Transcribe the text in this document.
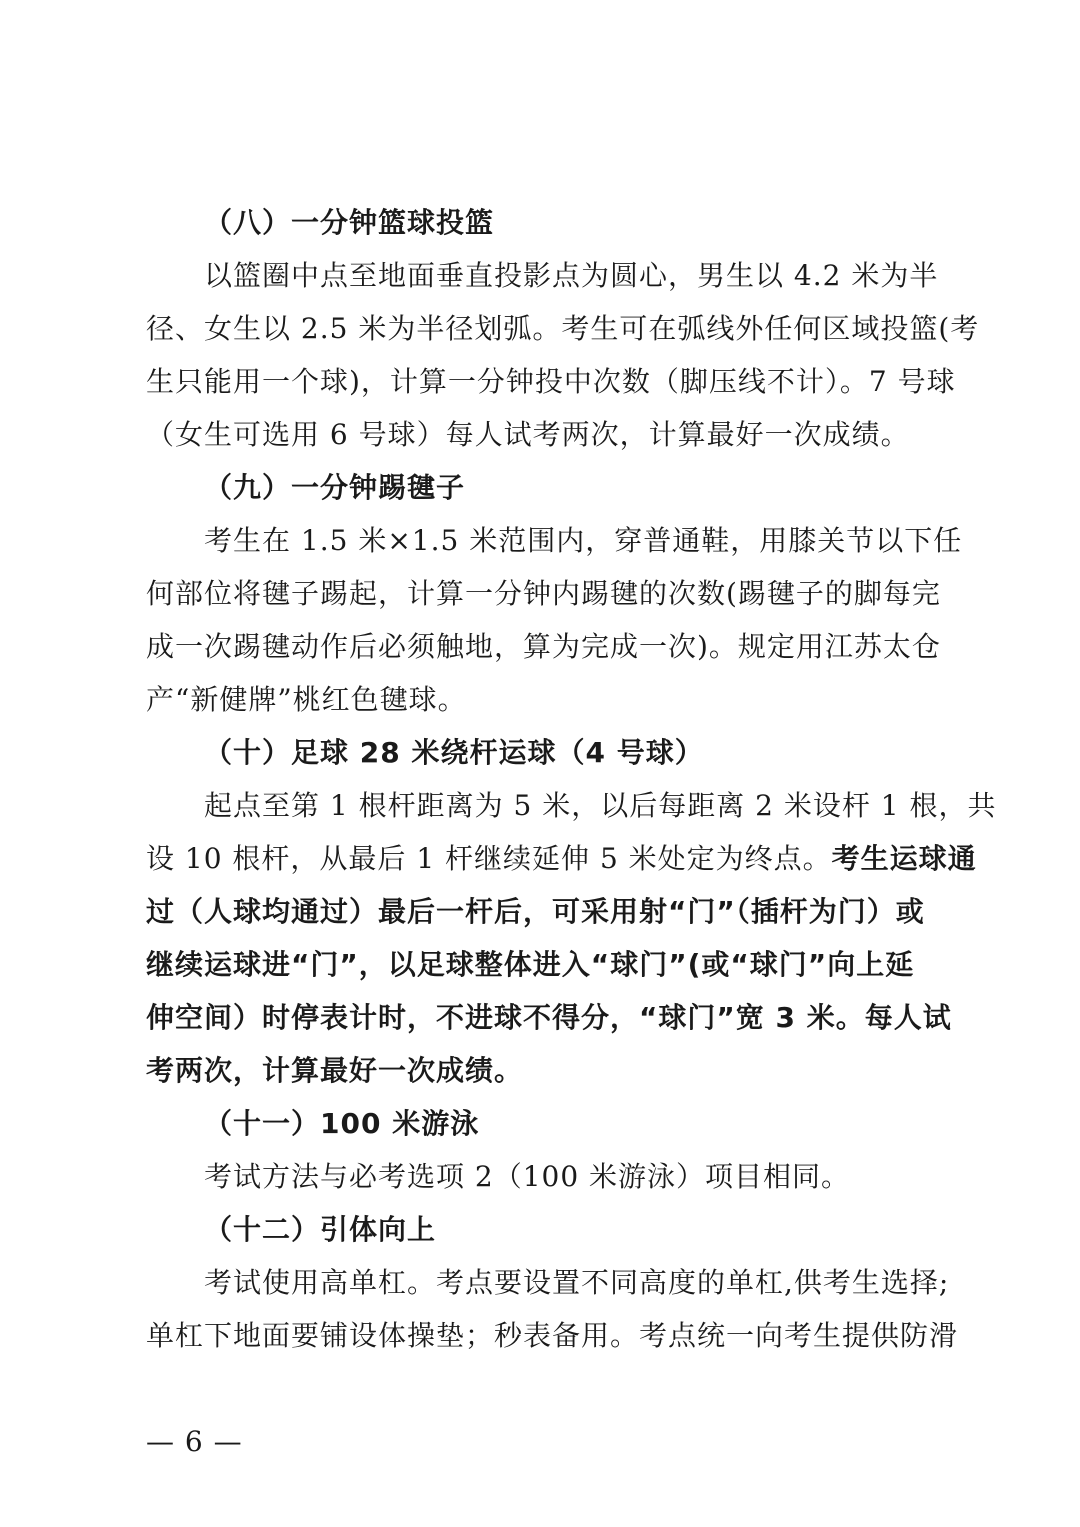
（八）一分钟篮球投篮

以篮圈中点至地面垂直投影点为圆心，男生以 4.2 米为半

径、女生以 2.5 米为半径划弧。考生可在弧线外任何区域投篮(考

生只能用一个球)，计算一分钟投中次数（脚压线不计）。7 号球

（女生可选用 6 号球）每人试考两次，计算最好一次成绩。

（九）一分钟踢毽子

考生在 1.5 米×1.5 米范围内，穿普通鞋，用膝关节以下任

何部位将毽子踢起，计算一分钟内踢毽的次数(踢毽子的脚每完

成一次踢毽动作后必须触地，算为完成一次)。规定用江苏太仓

产“新健牌”桃红色毽球。

（十）足球 28 米绕杆运球（4 号球）

起点至第 1 根杆距离为 5 米，以后每距离 2 米设杆 1 根，共

设 10 根杆，从最后 1 杆继续延伸 5 米处定为终点。考生运球通

过（人球均通过）最后一杆后，可采用射“门”（插杆为门）或

继续运球进“门”，以足球整体进入“球门”(或“球门”向上延

伸空间）时停表计时，不进球不得分，“球门”宽 3 米。每人试

考两次，计算最好一次成绩。

（十一）100 米游泳

考试方法与必考选项 2（100 米游泳）项目相同。

（十二）引体向上

考试使用高单杠。考点要设置不同高度的单杠,供考生选择;

单杠下地面要铺设体操垫；秒表备用。考点统一向考生提供防滑

— 6 —
